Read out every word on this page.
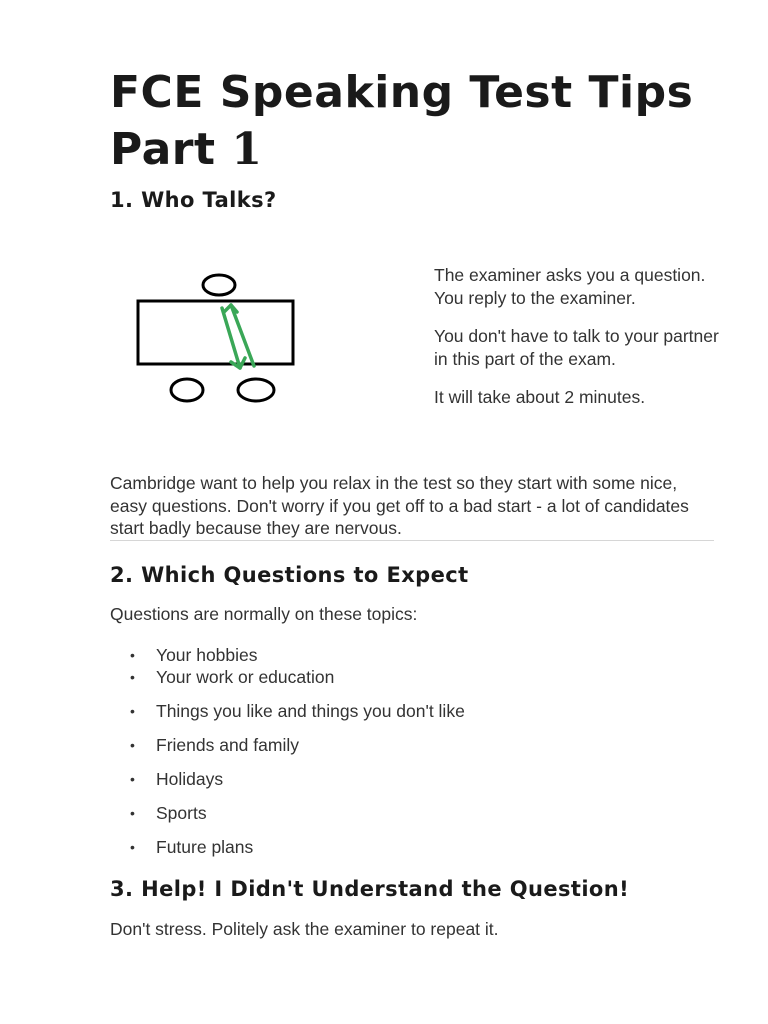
FCE Speaking Test Tips
Part 1
1. Who Talks?

The examiner asks you a question. You reply to the examiner.

You don't have to talk to your partner in this part of the exam.

It will take about 2 minutes.

Cambridge want to help you relax in the test so they start with some nice, easy questions. Don't worry if you get off to a bad start - a lot of candidates start badly because they are nervous.

2. Which Questions to Expect

Questions are normally on these topics:

• Your hobbies
• Your work or education
• Things you like and things you don't like
• Friends and family
• Holidays
• Sports
• Future plans
3. Help! I Didn't Understand the Question!

Don't stress. Politely ask the examiner to repeat it.
